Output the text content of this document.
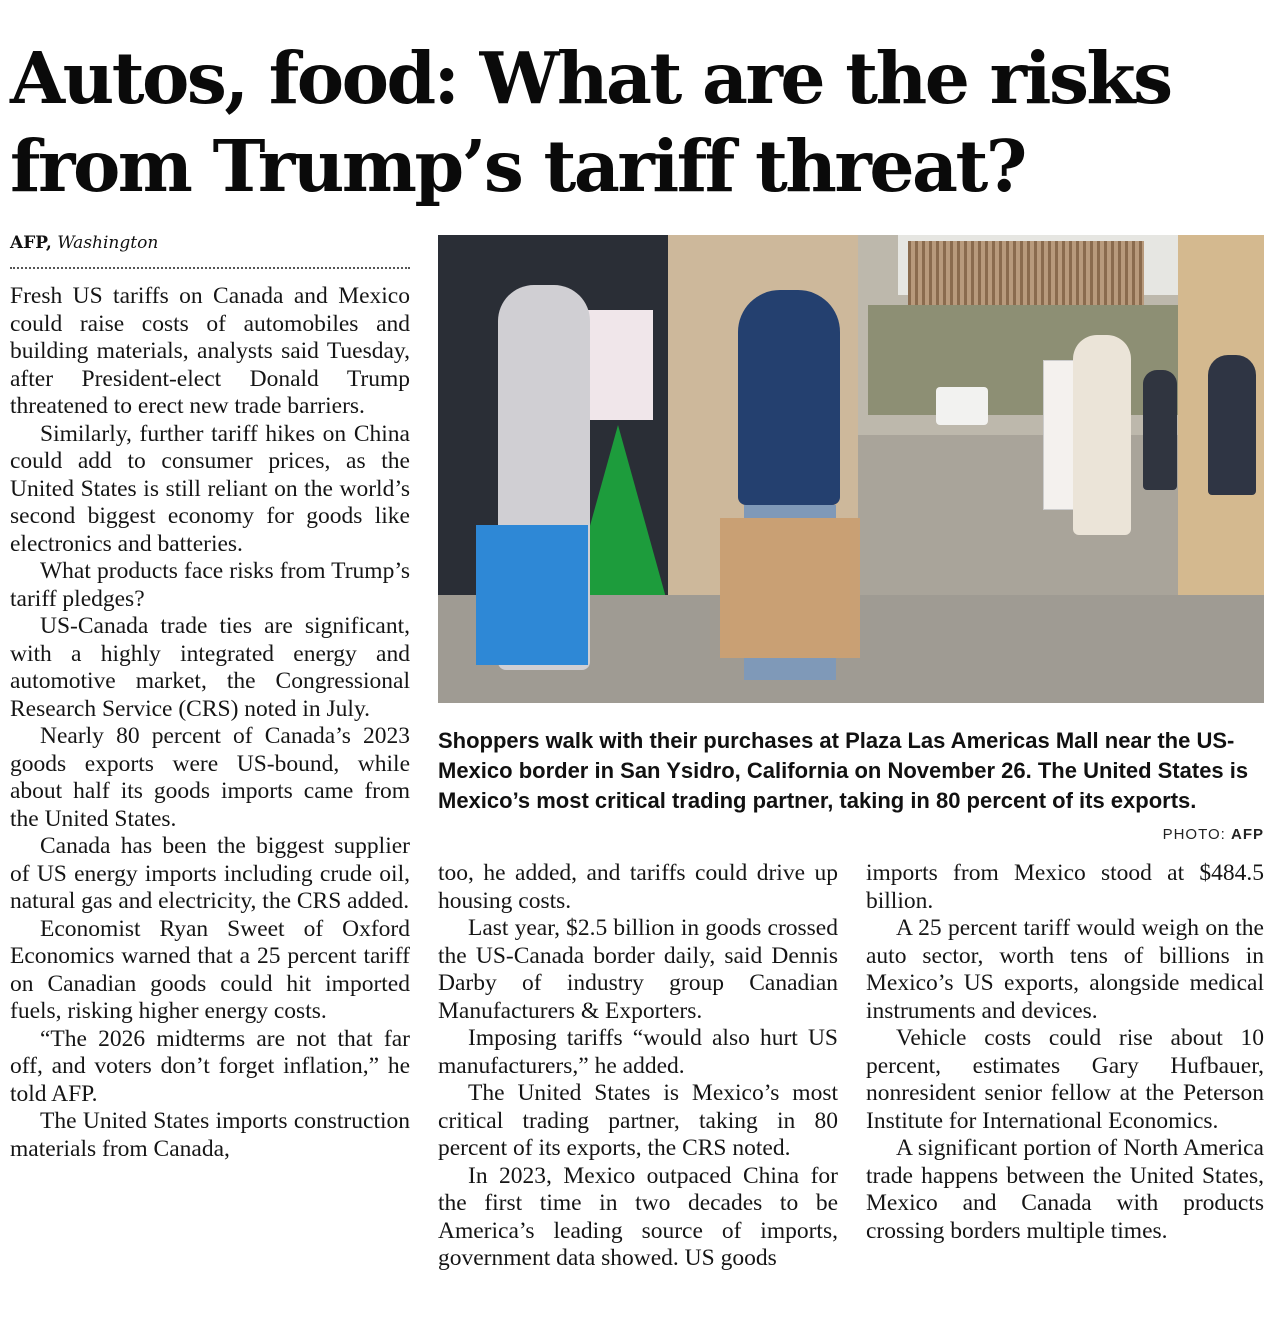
Autos, food: What are the risks from Trump’s tariff threat?
AFP, Washington

Fresh US tariffs on Canada and Mexico could raise costs of automobiles and building materials, analysts said Tuesday, after President-elect Donald Trump threatened to erect new trade barriers.

Similarly, further tariff hikes on China could add to consumer prices, as the United States is still reliant on the world’s second biggest economy for goods like electronics and batteries.

What products face risks from Trump’s tariff pledges?

US-Canada trade ties are significant, with a highly integrated energy and automotive market, the Congressional Research Service (CRS) noted in July.

Nearly 80 percent of Canada’s 2023 goods exports were US-bound, while about half its goods imports came from the United States.

Canada has been the biggest supplier of US energy imports including crude oil, natural gas and electricity, the CRS added.

Economist Ryan Sweet of Oxford Economics warned that a 25 percent tariff on Canadian goods could hit imported fuels, risking higher energy costs.

“The 2026 midterms are not that far off, and voters don’t forget inflation,” he told AFP.

The United States imports construction materials from Canada,

Shoppers walk with their purchases at Plaza Las Americas Mall near the US-Mexico border in San Ysidro, California on November 26. The United States is Mexico’s most critical trading partner, taking in 80 percent of its exports.
PHOTO: AFP

too, he added, and tariffs could drive up housing costs.

Last year, $2.5 billion in goods crossed the US-Canada border daily, said Dennis Darby of industry group Canadian Manufacturers & Exporters.

Imposing tariffs “would also hurt US manufacturers,” he added.

The United States is Mexico’s most critical trading partner, taking in 80 percent of its exports, the CRS noted.

In 2023, Mexico outpaced China for the first time in two decades to be America’s leading source of imports, government data showed. US goods

imports from Mexico stood at $484.5 billion.

A 25 percent tariff would weigh on the auto sector, worth tens of billions in Mexico’s US exports, alongside medical instruments and devices.

Vehicle costs could rise about 10 percent, estimates Gary Hufbauer, nonresident senior fellow at the Peterson Institute for International Economics.

A significant portion of North America trade happens between the United States, Mexico and Canada with products crossing borders multiple times.
